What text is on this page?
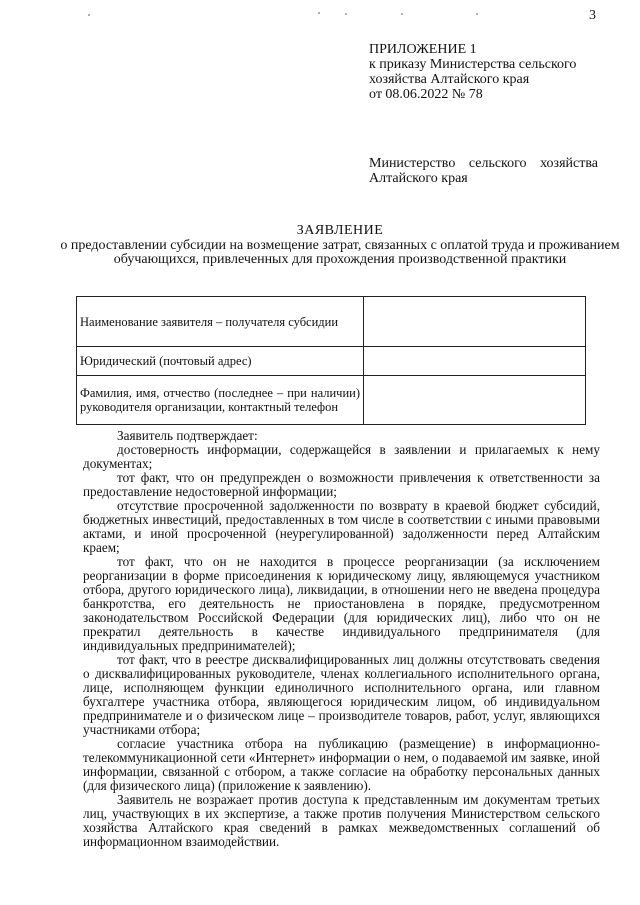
3
ПРИЛОЖЕНИЕ 1
к приказу Министерства сельского хозяйства Алтайского края
от 08.06.2022 № 78
Министерство сельского хозяйства
Алтайского края
ЗАЯВЛЕНИЕ
о предоставлении субсидии на возмещение затрат, связанных с оплатой труда и проживанием обучающихся, привлеченных для прохождения производственной практики
Наименование заявителя – получателя субсидии	
Юридический (почтовый адрес)	
Фамилия, имя, отчество (последнее – при наличии) руководителя организации, контактный телефон	

Заявитель подтверждает:

достоверность информации, содержащейся в заявлении и прилагаемых к нему документах;

тот факт, что он предупрежден о возможности привлечения к ответственности за предоставление недостоверной информации;

отсутствие просроченной задолженности по возврату в краевой бюджет субсидий, бюджетных инвестиций, предоставленных в том числе в соответствии с иными правовыми актами, и иной просроченной (неурегулированной) задолженности перед Алтайским краем;

тот факт, что он не находится в процессе реорганизации (за исключением реорганизации в форме присоединения к юридическому лицу, являющемуся участником отбора, другого юридического лица), ликвидации, в отношении него не введена процедура банкротства, его деятельность не приостановлена в порядке, предусмотренном законодательством Российской Федерации (для юридических лиц), либо что он не прекратил деятельность в качестве индивидуального предпринимателя (для индивидуальных предпринимателей);

тот факт, что в реестре дисквалифицированных лиц должны отсутствовать сведения о дисквалифицированных руководителе, членах коллегиального исполнительного органа, лице, исполняющем функции единоличного исполнительного органа, или главном бухгалтере участника отбора, являющегося юридическим лицом, об индивидуальном предпринимателе и о физическом лице – производителе товаров, работ, услуг, являющихся участниками отбора;

согласие участника отбора на публикацию (размещение) в информационно-телекоммуникационной сети «Интернет» информации о нем, о подаваемой им заявке, иной информации, связанной с отбором, а также согласие на обработку персональных данных (для физического лица) (приложение к заявлению).

Заявитель не возражает против доступа к представленным им документам третьих лиц, участвующих в их экспертизе, а также против получения Министерством сельского хозяйства Алтайского края сведений в рамках межведомственных соглашений об информационном взаимодействии.
